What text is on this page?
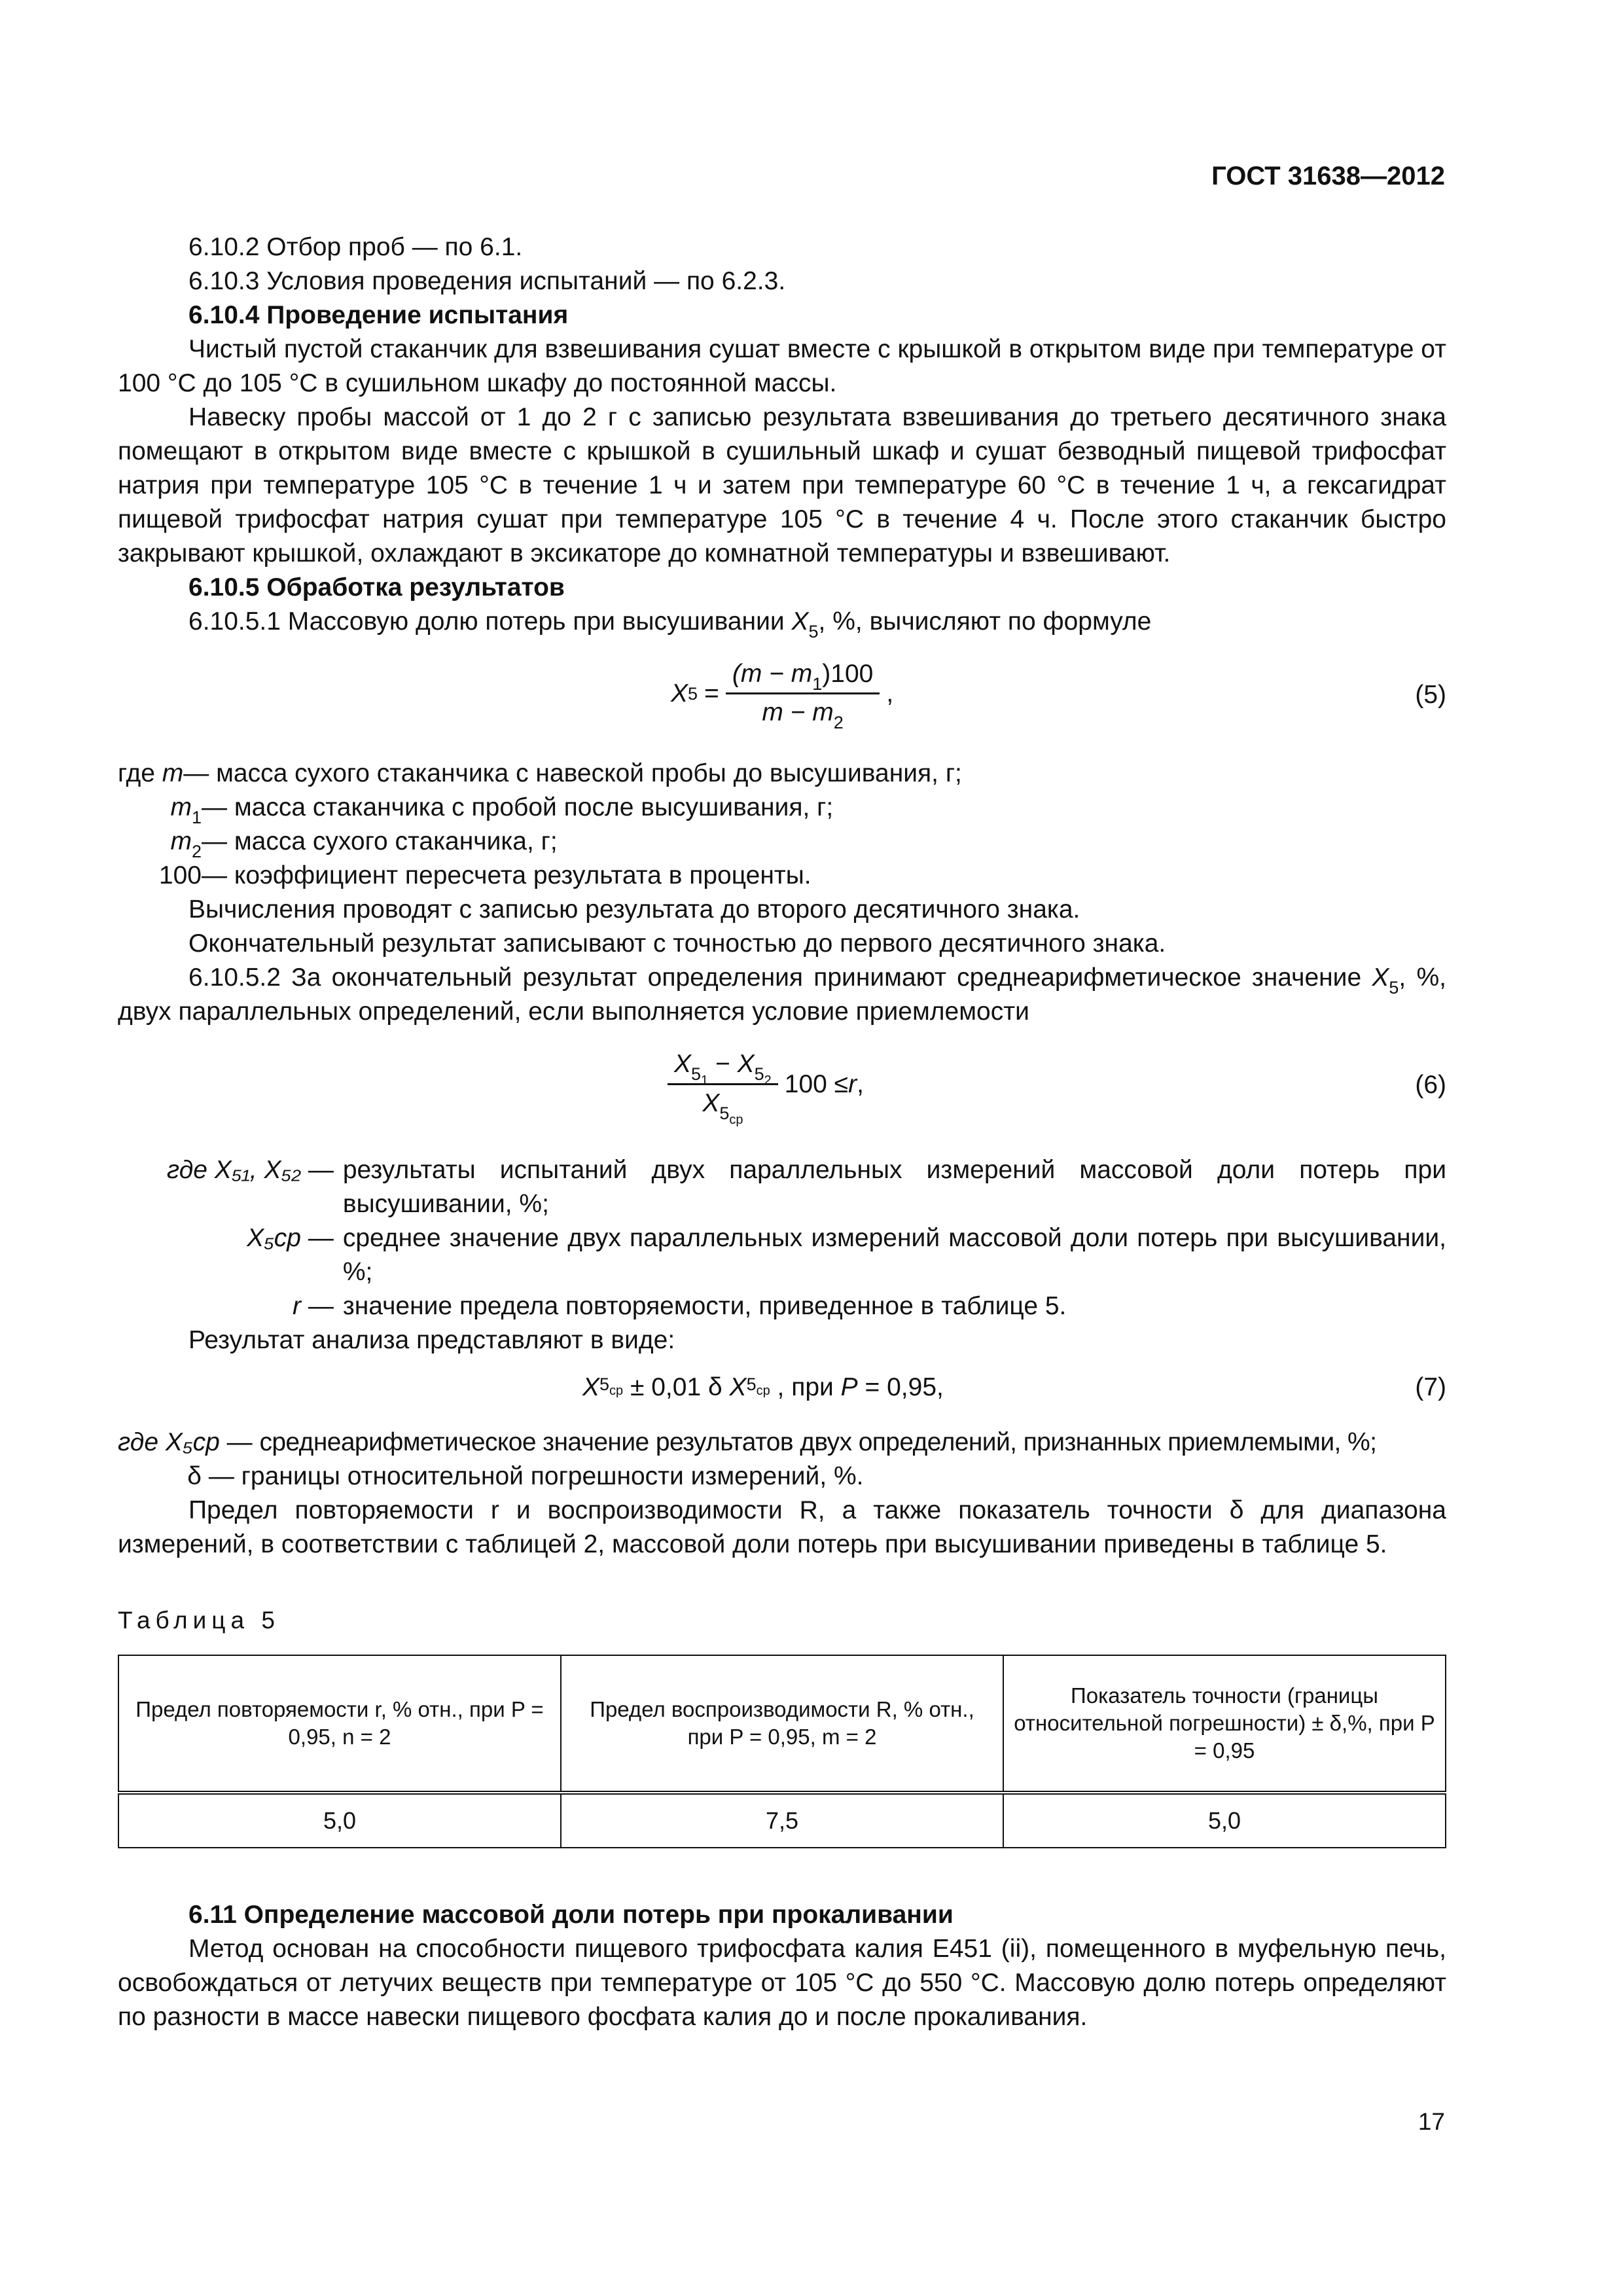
ГОСТ 31638—2012

6.10.2 Отбор проб — по 6.1.

6.10.3 Условия проведения испытаний — по 6.2.3.

6.10.4 Проведение испытания

Чистый пустой стаканчик для взвешивания сушат вместе с крышкой в открытом виде при температуре от 100 °С до 105 °С в сушильном шкафу до постоянной массы.

Навеску пробы массой от 1 до 2 г с записью результата взвешивания до третьего десятичного знака помещают в открытом виде вместе с крышкой в сушильный шкаф и сушат безводный пищевой трифосфат натрия при температуре 105 °С в течение 1 ч и затем при температуре 60 °С в течение 1 ч, а гексагидрат пищевой трифосфат натрия сушат при температуре 105 °С в течение 4 ч. После этого стаканчик быстро закрывают крышкой, охлаждают в эксикаторе до комнатной температуры и взвешивают.

6.10.5 Обработка результатов

6.10.5.1 Массовую долю потерь при высушивании $X_5$, %, вычисляют по формуле

X $5 = \frac{(m - m_1)100}{m - m_2}$ ,	(5)
где m — масса сухого стаканчика с навеской пробы до высушивания, г;
$m_1$ — масса стаканчика с пробой после высушивания, г;
$m_2$ — масса сухого стаканчика, г;
100 — коэффициент пересчета результата в проценты.

Вычисления проводят с записью результата до второго десятичного знака.

Окончательный результат записывают с точностью до первого десятичного знака.

6.10.5.2 За окончательный результат определения принимают среднеарифметическое значение $X_5$, %, двух параллельных определений, если выполняется условие приемлемости

$\frac{X_{5_1} - X_{5_2}}{X_{5_{ср}}} 100 \le r$ ,	(6)
где X₅₁, X₅₂ — результаты испытаний двух параллельных измерений массовой доли потерь при высушивании, %;
X₅ср — среднее значение двух параллельных измерений массовой доли потерь при высушивании, %;
r — значение предела повторяемости, приведенное в таблице 5.

Результат анализа представляют в виде:

X $5_{ср} \pm 0,01$ δ X $5_{ср}$ , при P = 0,95,	(7)
где X₅ср — среднеарифметическое значение результатов двух определений, признанных приемлемыми, %;
δ — границы относительной погрешности измерений, %.

Предел повторяемости r и воспроизводимости R, а также показатель точности δ для диапазона измерений, в соответствии с таблицей 2, массовой доли потерь при высушивании приведены в таблице 5.

Таблица 5

Предел повторяемости r, % отн., при P = 0,95, n = 2	Предел воспроизводимости R, % отн., при P = 0,95, m = 2	Показатель точности (границы относительной погрешности) ± δ,%, при P = 0,95
5,0	7,5	5,0

6.11 Определение массовой доли потерь при прокаливании

Метод основан на способности пищевого трифосфата калия Е451 (ii), помещенного в муфельную печь, освобождаться от летучих веществ при температуре от 105 °С до 550 °С. Массовую долю потерь определяют по разности в массе навески пищевого фосфата калия до и после прокаливания.

17
